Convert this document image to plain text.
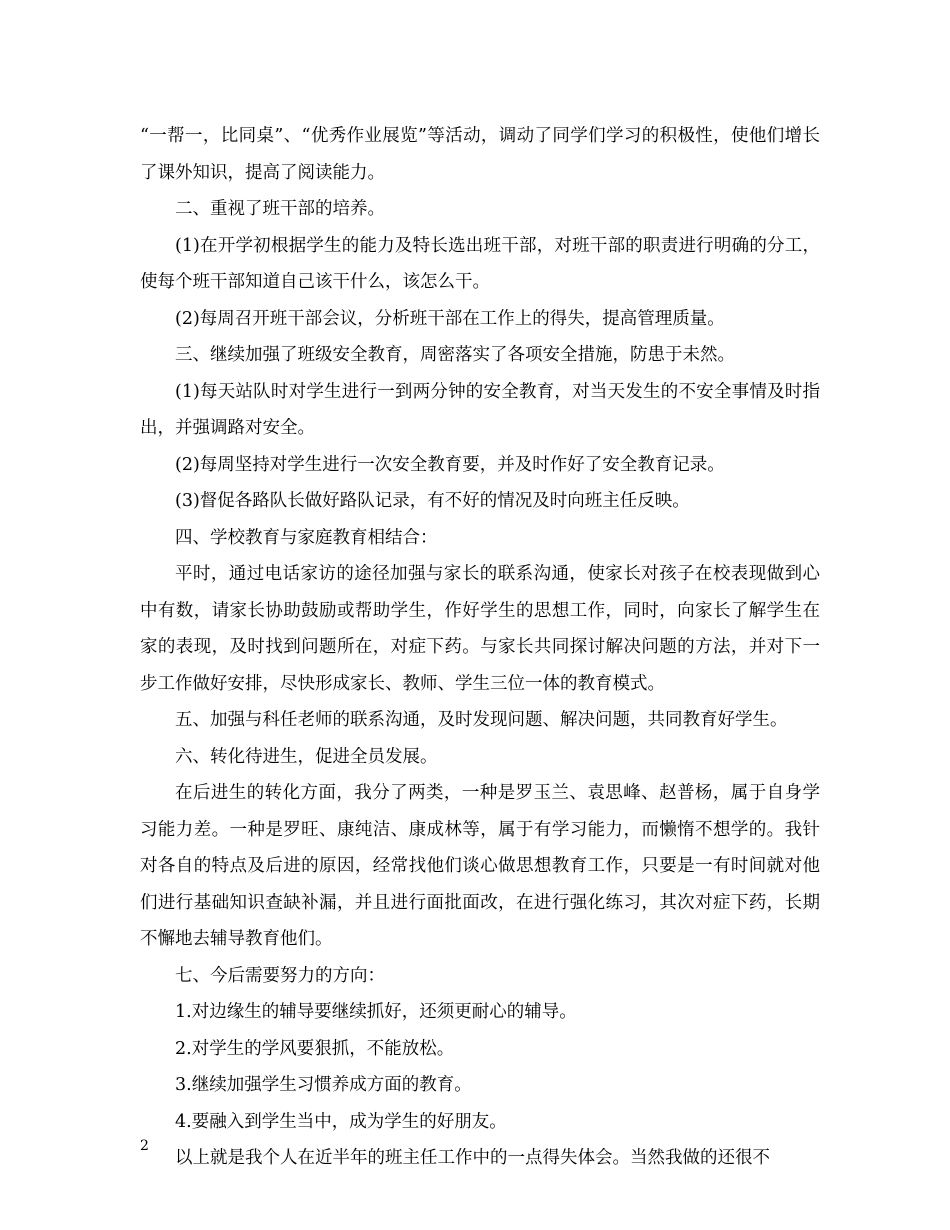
“一帮一，比同桌”、“优秀作业展览”等活动，调动了同学们学习的积极性，使他们增长了课外知识，提高了阅读能力。

二、重视了班干部的培养。

(1)在开学初根据学生的能力及特长选出班干部，对班干部的职责进行明确的分工，使每个班干部知道自己该干什么，该怎么干。

(2)每周召开班干部会议，分析班干部在工作上的得失，提高管理质量。

三、继续加强了班级安全教育，周密落实了各项安全措施，防患于未然。

(1)每天站队时对学生进行一到两分钟的安全教育，对当天发生的不安全事情及时指出，并强调路对安全。

(2)每周坚持对学生进行一次安全教育要，并及时作好了安全教育记录。

(3)督促各路队长做好路队记录，有不好的情况及时向班主任反映。

四、学校教育与家庭教育相结合：

平时，通过电话家访的途径加强与家长的联系沟通，使家长对孩子在校表现做到心中有数，请家长协助鼓励或帮助学生，作好学生的思想工作，同时，向家长了解学生在家的表现，及时找到问题所在，对症下药。与家长共同探讨解决问题的方法，并对下一步工作做好安排，尽快形成家长、教师、学生三位一体的教育模式。

五、加强与科任老师的联系沟通，及时发现问题、解决问题，共同教育好学生。

六、转化待进生，促进全员发展。

在后进生的转化方面，我分了两类，一种是罗玉兰、袁思峰、赵普杨，属于自身学习能力差。一种是罗旺、康纯洁、康成林等，属于有学习能力，而懒惰不想学的。我针对各自的特点及后进的原因，经常找他们谈心做思想教育工作，只要是一有时间就对他们进行基础知识查缺补漏，并且进行面批面改，在进行强化练习，其次对症下药，长期不懈地去辅导教育他们。

七、今后需要努力的方向：

1.对边缘生的辅导要继续抓好，还须更耐心的辅导。

2.对学生的学风要狠抓，不能放松。

3.继续加强学生习惯养成方面的教育。

4.要融入到学生当中，成为学生的好朋友。

以上就是我个人在近半年的班主任工作中的一点得失体会。当然我做的还很不

2
